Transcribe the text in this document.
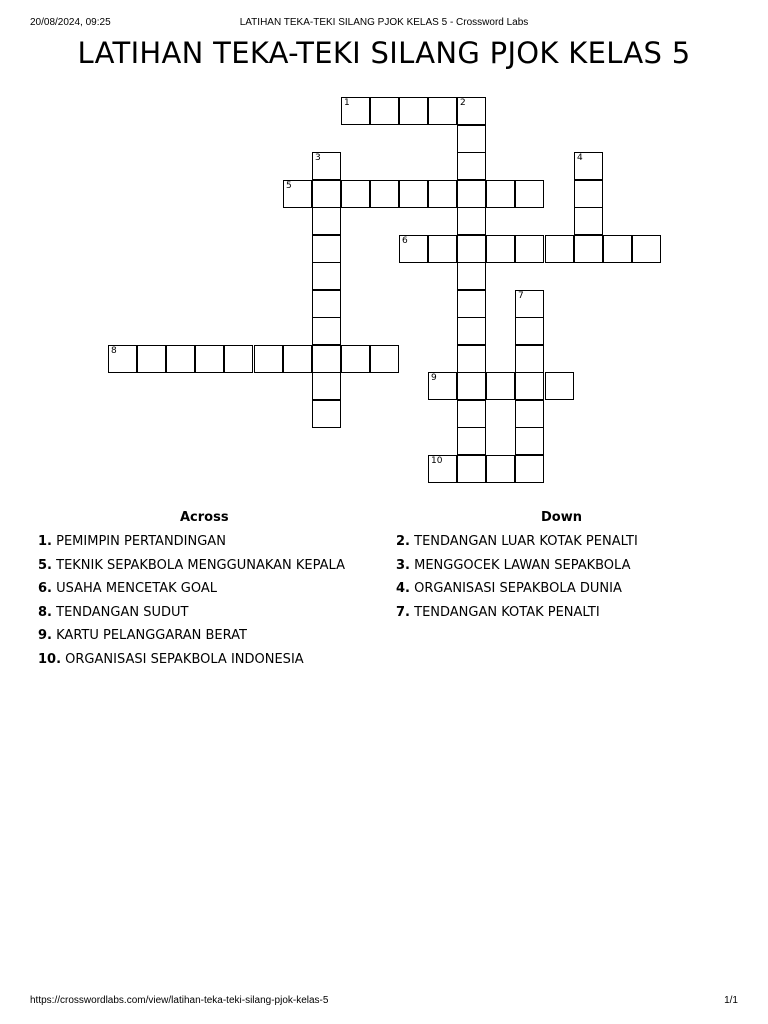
20/08/2024, 09:25	LATIHAN TEKA-TEKI SILANG PJOK KELAS 5 - Crossword Labs
LATIHAN TEKA-TEKI SILANG PJOK KELAS 5
1	2
3	4
5
6
7
8
9
10
Across	Down
1. PEMIMPIN PERTANDINGAN
5. TEKNIK SEPAKBOLA MENGGUNAKAN KEPALA
6. USAHA MENCETAK GOAL
8. TENDANGAN SUDUT
9. KARTU PELANGGARAN BERAT
10. ORGANISASI SEPAKBOLA INDONESIA
2. TENDANGAN LUAR KOTAK PENALTI
3. MENGGOCEK LAWAN SEPAKBOLA
4. ORGANISASI SEPAKBOLA DUNIA
7. TENDANGAN KOTAK PENALTI
https://crosswordlabs.com/view/latihan-teka-teki-silang-pjok-kelas-5	1/1
